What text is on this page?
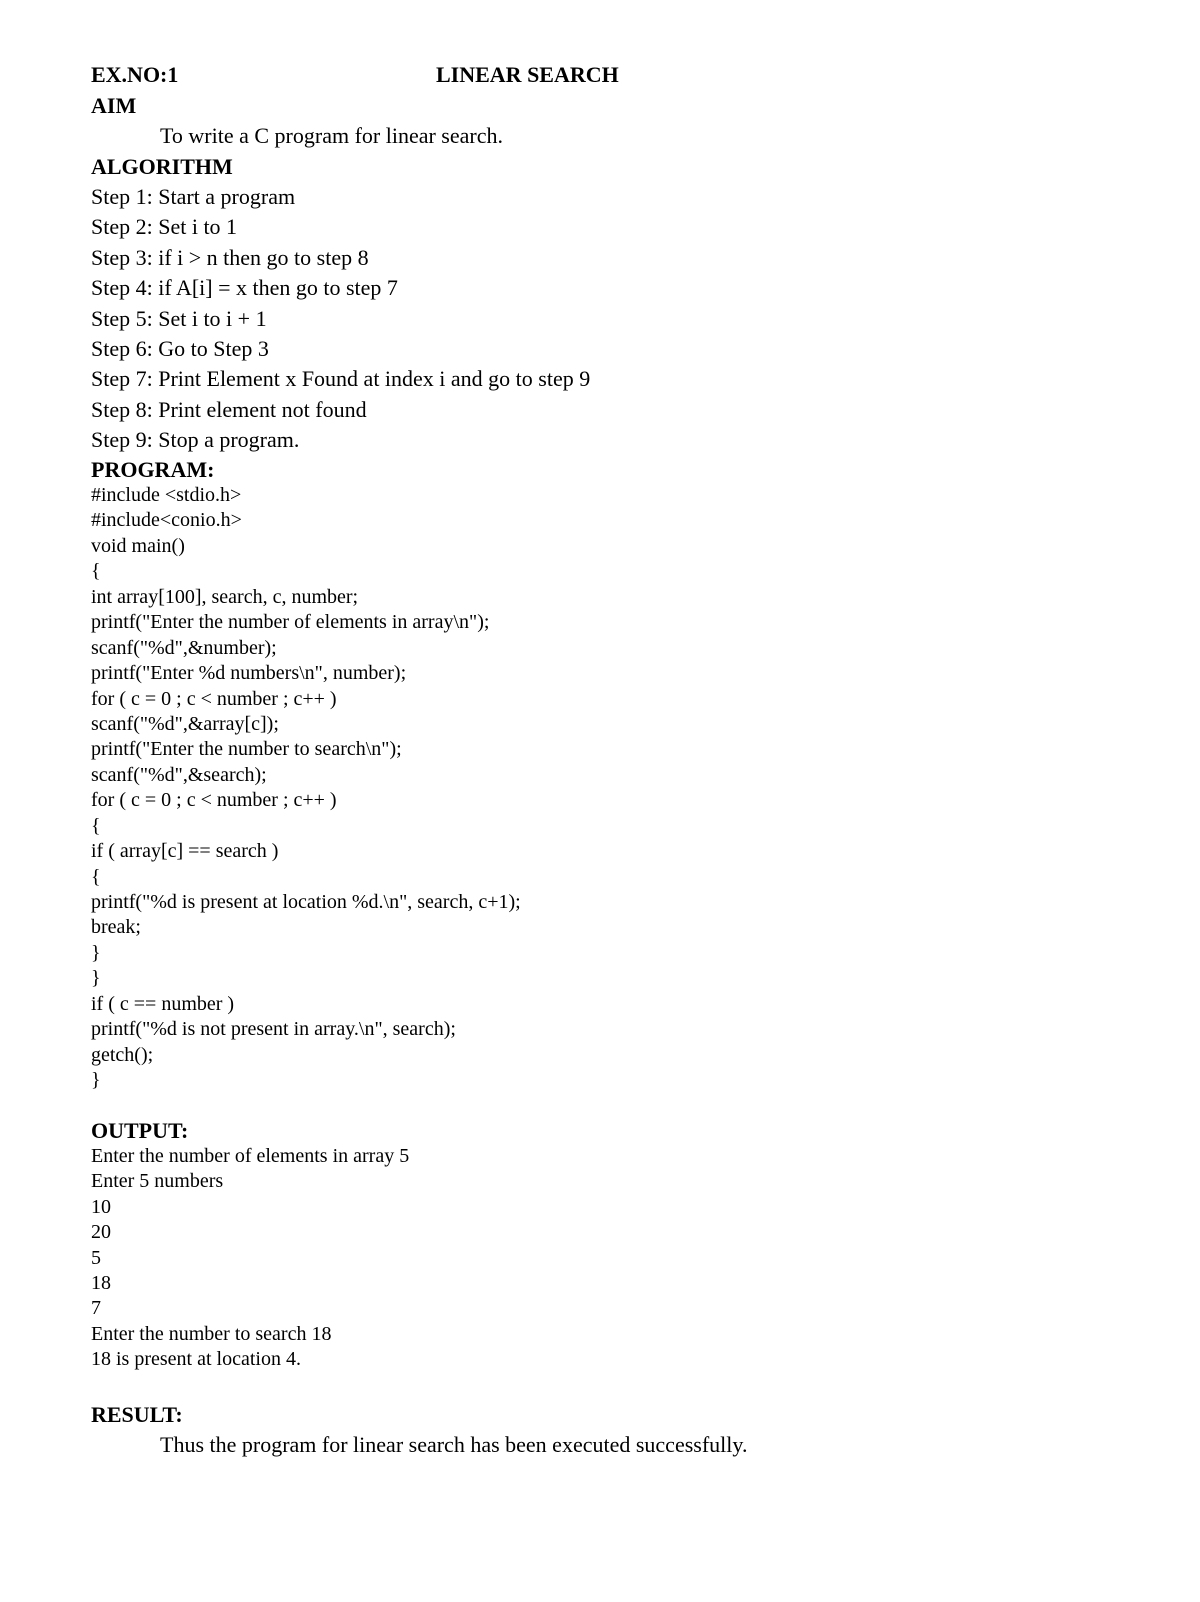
EX.NO:1	LINEAR SEARCH
AIM

To write a C program for linear search.

ALGORITHM
Step 1: Start a program
Step 2: Set i to 1
Step 3: if i > n then go to step 8
Step 4: if A[i] = x then go to step 7
Step 5: Set i to i + 1
Step 6: Go to Step 3
Step 7: Print Element x Found at index i and go to step 9
Step 8: Print element not found
Step 9: Stop a program.
PROGRAM:
#include <stdio.h>
#include<conio.h>
void main()
{
int array[100], search, c, number;
printf("Enter the number of elements in array\n");
scanf("%d",&number);
printf("Enter %d numbers\n", number);
for ( c = 0 ; c < number ; c++ )
scanf("%d",&array[c]);
printf("Enter the number to search\n");
scanf("%d",&search);
for ( c = 0 ; c < number ; c++ )
{
if ( array[c] == search )
{
printf("%d is present at location %d.\n", search, c+1);
break;
}
}
if ( c == number )
printf("%d is not present in array.\n", search);
getch();
}
OUTPUT:
Enter the number of elements in array 5
Enter 5 numbers
10
20
5
18
7
Enter the number to search 18
18 is present at location 4.
RESULT:

Thus the program for linear search has been executed successfully.
